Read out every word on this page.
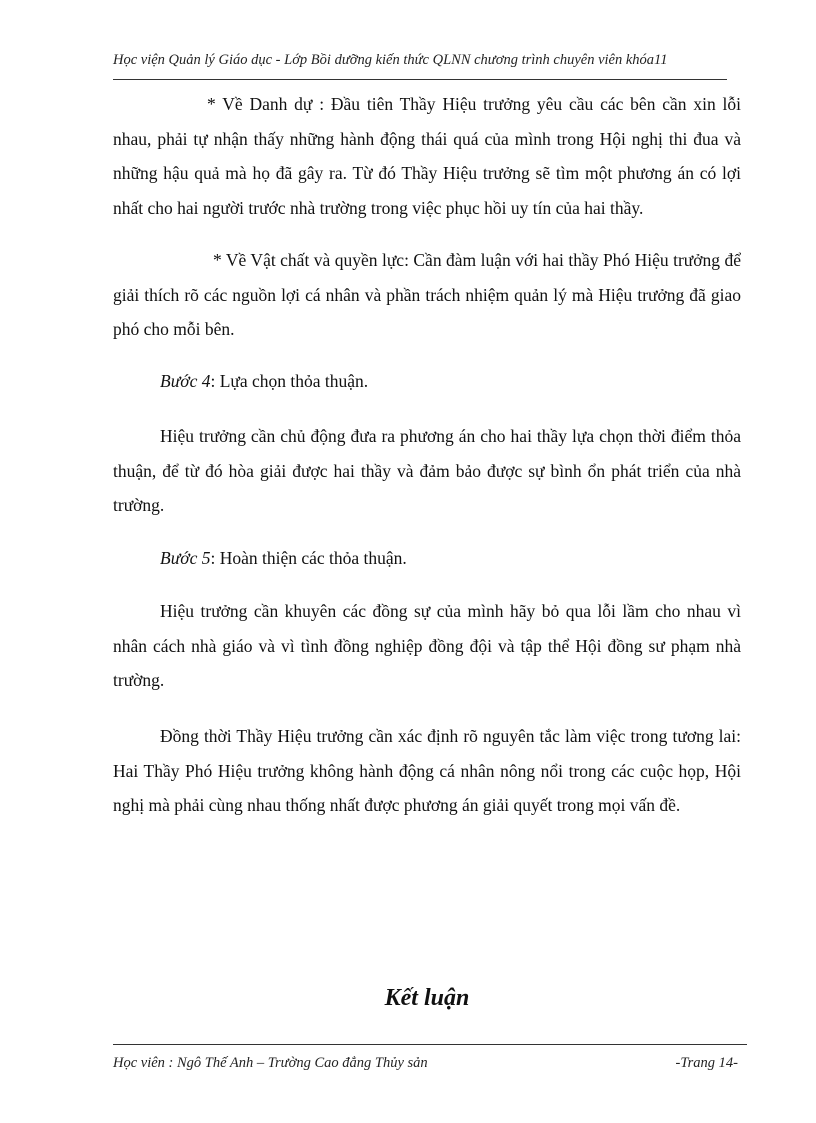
Học viện Quản lý Giáo dục - Lớp Bồi dưỡng kiến thức QLNN chương trình chuyên viên khóa11

* Về Danh dự : Đầu tiên Thầy Hiệu trưởng yêu cầu các bên cần xin lỗi nhau, phải tự nhận thấy những hành động thái quá của mình trong Hội nghị thi đua và những hậu quả mà họ đã gây ra. Từ đó Thầy Hiệu trưởng sẽ tìm một phương án có lợi nhất cho hai người trước nhà trường trong việc phục hồi uy tín của hai thầy.

* Về Vật chất và quyền lực: Cần đàm luận với hai thầy Phó Hiệu trưởng để giải thích rõ các nguồn lợi cá nhân và phần trách nhiệm quản lý mà Hiệu trưởng đã giao phó cho mỗi bên.

Bước 4: Lựa chọn thỏa thuận.

Hiệu trưởng cần chủ động đưa ra phương án cho hai thầy lựa chọn thời điểm thỏa thuận, để từ đó hòa giải được hai thầy và đảm bảo được sự bình ổn phát triển của nhà trường.

Bước 5: Hoàn thiện các thỏa thuận.

Hiệu trưởng cần khuyên các đồng sự của mình hãy bỏ qua lỗi lầm cho nhau vì nhân cách nhà giáo và vì tình đồng nghiệp đồng đội và tập thể Hội đồng sư phạm nhà trường.

Đồng thời Thầy Hiệu trưởng cần xác định rõ nguyên tắc làm việc trong tương lai: Hai Thầy Phó Hiệu trưởng không hành động cá nhân nông nổi trong các cuộc họp, Hội nghị mà phải cùng nhau thống nhất được phương án giải quyết trong mọi vấn đề.

Kết luận
Học viên : Ngô Thế Anh – Trường Cao đẳng Thủy sản	-Trang 14-
